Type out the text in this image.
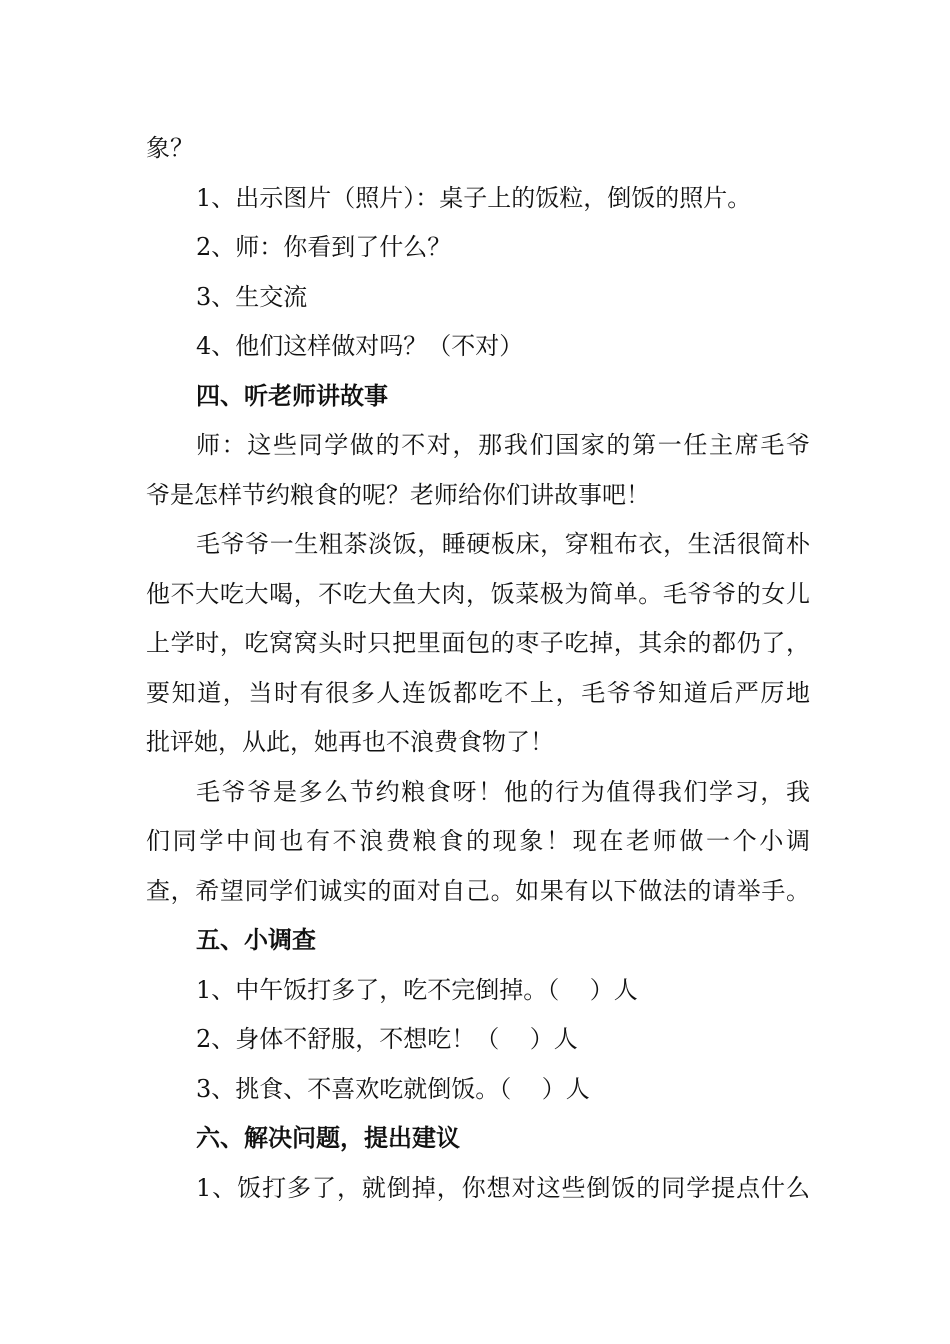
象？

1、出示图片（照片）：桌子上的饭粒，倒饭的照片。

2、师：你看到了什么？

3、生交流

4、他们这样做对吗？（不对）

四、听老师讲故事

师：这些同学做的不对，那我们国家的第一任主席毛爷

爷是怎样节约粮食的呢？老师给你们讲故事吧！

毛爷爷一生粗茶淡饭，睡硬板床，穿粗布衣，生活很简朴

他不大吃大喝，不吃大鱼大肉，饭菜极为简单。毛爷爷的女儿

上学时，吃窝窝头时只把里面包的枣子吃掉，其余的都仍了，

要知道，当时有很多人连饭都吃不上，毛爷爷知道后严厉地

批评她，从此，她再也不浪费食物了！

毛爷爷是多么节约粮食呀！他的行为值得我们学习，我

们同学中间也有不浪费粮食的现象！现在老师做一个小调

查，希望同学们诚实的面对自己。如果有以下做法的请举手。

五、小调查

1、中午饭打多了，吃不完倒掉。（    ）人

2、身体不舒服，不想吃！（    ）人

3、挑食、不喜欢吃就倒饭。（    ）人

六、解决问题，提出建议

1、饭打多了，就倒掉，你想对这些倒饭的同学提点什么
